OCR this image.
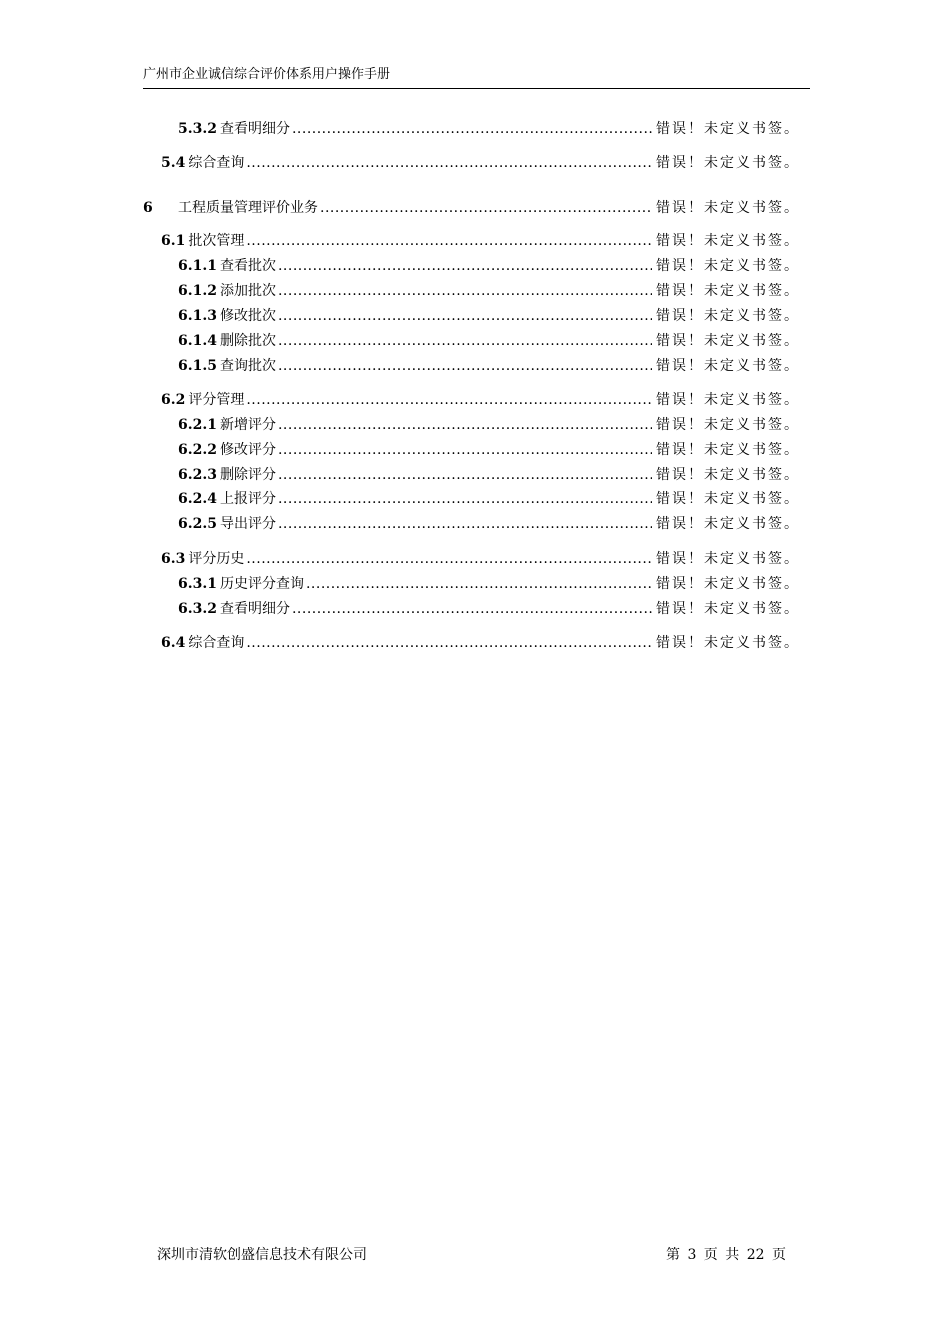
广州市企业诚信综合评价体系用户操作手册
5.3.2 查看明细分 .....	错误！未定义书签。
5.4 综合查询 .....	错误！未定义书签。
6	工程质量管理评价业务 .....	错误！未定义书签。
6.1 批次管理 .....	错误！未定义书签。
6.1.1 查看批次 .....	错误！未定义书签。
6.1.2 添加批次 .....	错误！未定义书签。
6.1.3 修改批次 .....	错误！未定义书签。
6.1.4 删除批次 .....	错误！未定义书签。
6.1.5 查询批次 .....	错误！未定义书签。
6.2 评分管理 .....	错误！未定义书签。
6.2.1 新增评分 .....	错误！未定义书签。
6.2.2 修改评分 .....	错误！未定义书签。
6.2.3 删除评分 .....	错误！未定义书签。
6.2.4 上报评分 .....	错误！未定义书签。
6.2.5 导出评分 .....	错误！未定义书签。
6.3 评分历史 .....	错误！未定义书签。
6.3.1 历史评分查询 .....	错误！未定义书签。
6.3.2 查看明细分 .....	错误！未定义书签。
6.4 综合查询 .....	错误！未定义书签。
深圳市清软创盛信息技术有限公司	第 3 页 共 22 页
